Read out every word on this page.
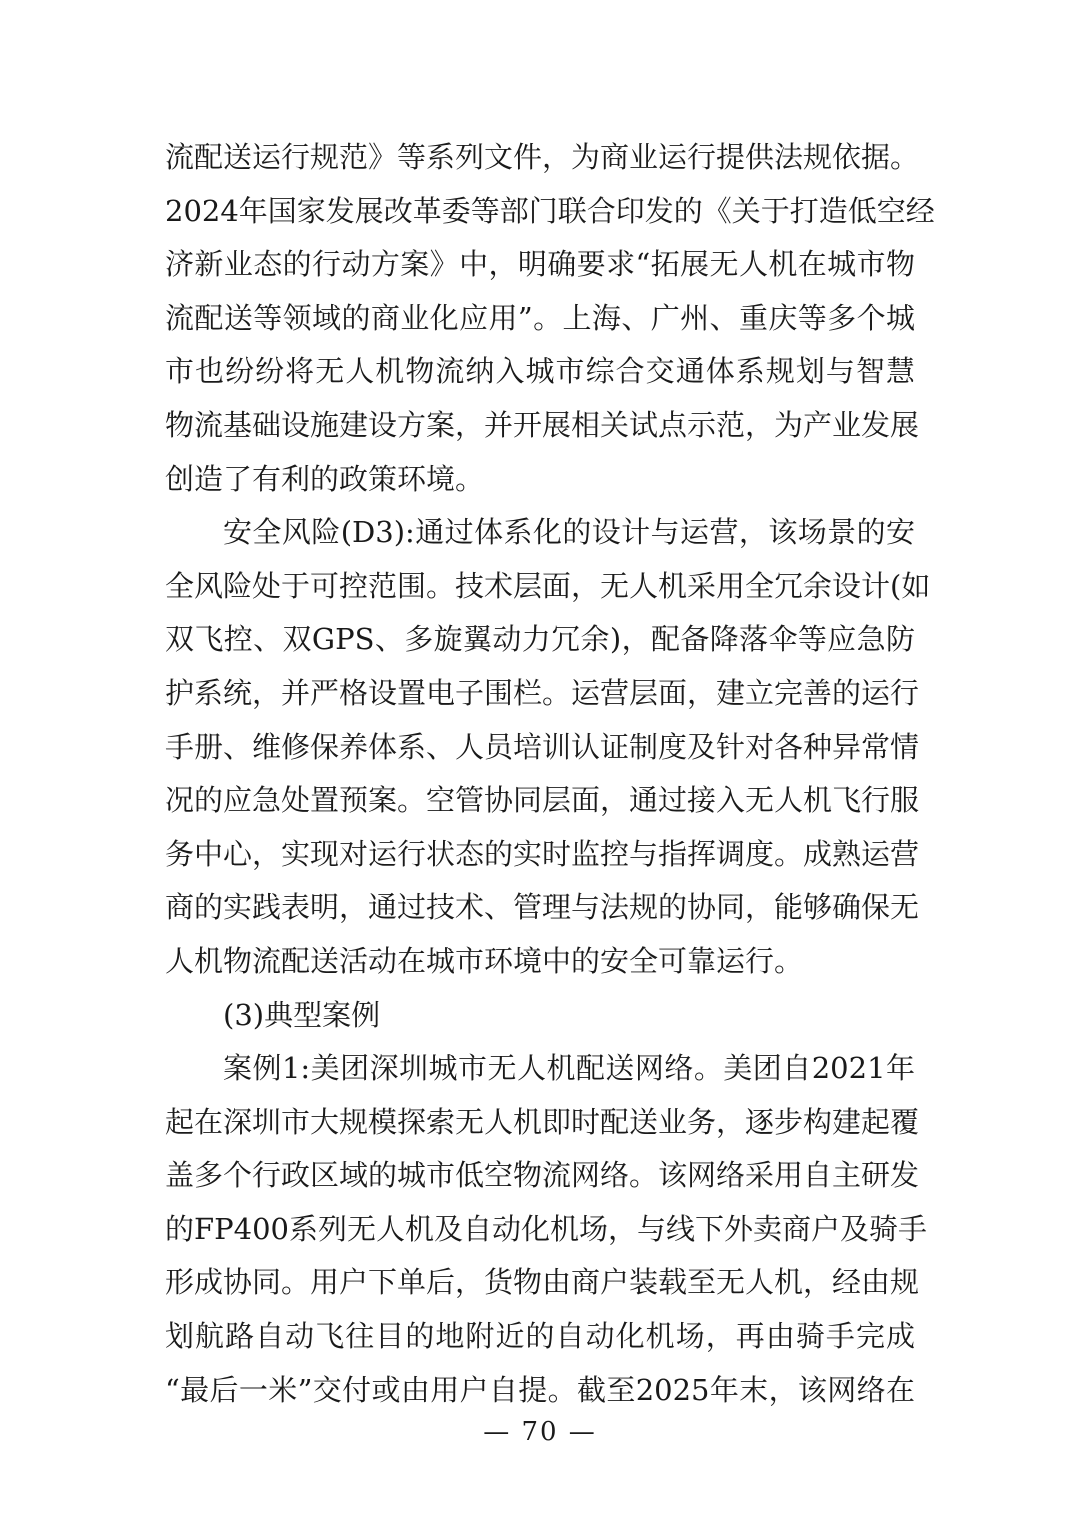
流配送运行规范》等系列文件，为商业运行提供法规依据。
2024年国家发展改革委等部门联合印发的《关于打造低空经
济新业态的行动方案》中，明确要求“拓展无人机在城市物
流配送等领域的商业化应用”。上海、广州、重庆等多个城
市也纷纷将无人机物流纳入城市综合交通体系规划与智慧
物流基础设施建设方案，并开展相关试点示范，为产业发展
创造了有利的政策环境。
安全风险(D3):通过体系化的设计与运营，该场景的安
全风险处于可控范围。技术层面，无人机采用全冗余设计(如
双飞控、双GPS、多旋翼动力冗余)，配备降落伞等应急防
护系统，并严格设置电子围栏。运营层面，建立完善的运行
手册、维修保养体系、人员培训认证制度及针对各种异常情
况的应急处置预案。空管协同层面，通过接入无人机飞行服
务中心，实现对运行状态的实时监控与指挥调度。成熟运营
商的实践表明，通过技术、管理与法规的协同，能够确保无
人机物流配送活动在城市环境中的安全可靠运行。
(3)典型案例
案例1:美团深圳城市无人机配送网络。美团自2021年
起在深圳市大规模探索无人机即时配送业务，逐步构建起覆
盖多个行政区域的城市低空物流网络。该网络采用自主研发
的FP400系列无人机及自动化机场，与线下外卖商户及骑手
形成协同。用户下单后，货物由商户装载至无人机，经由规
划航路自动飞往目的地附近的自动化机场，再由骑手完成
“最后一米”交付或由用户自提。截至2025年末，该网络在
— 70 —
